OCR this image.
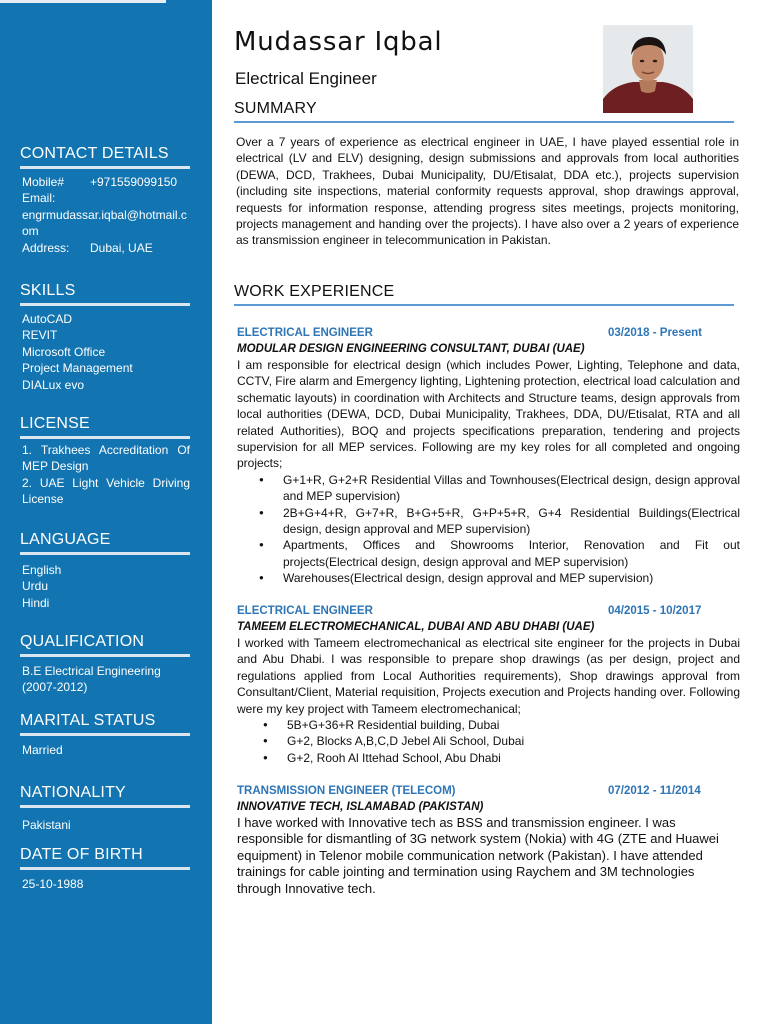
CONTACT DETAILS
Mobile#	+971559099150
Email:
engrmudassar.iqbal@hotmail.com
Address:	Dubai, UAE
SKILLS
AutoCAD
REVIT
Microsoft Office
Project Management
DIALux evo
LICENSE
1. Trakhees Accreditation Of MEP Design
2. UAE Light Vehicle Driving License
LANGUAGE
English
Urdu
Hindi
QUALIFICATION
B.E Electrical Engineering
(2007-2012)
MARITAL STATUS
Married
NATIONALITY
Pakistani
DATE OF BIRTH
25-10-1988
Mudassar Iqbal
Electrical Engineer
SUMMARY

Over a 7 years of experience as electrical engineer in UAE, I have played essential role in electrical (LV and ELV) designing, design submissions and approvals from local authorities (DEWA, DCD, Trakhees, Dubai Municipality, DU/Etisalat, DDA etc.), projects supervision (including site inspections, material conformity requests approval, shop drawings approval, requests for information response, attending progress sites meetings, projects monitoring, projects management and handing over the projects). I have also over a 2 years of experience as transmission engineer in telecommunication in Pakistan.

WORK EXPERIENCE
ELECTRICAL ENGINEER	03/2018 - Present
MODULAR DESIGN ENGINEERING CONSULTANT, DUBAI (UAE)

I am responsible for electrical design (which includes Power, Lighting, Telephone and data, CCTV, Fire alarm and Emergency lighting, Lightening protection, electrical load calculation and schematic layouts) in coordination with Architects and Structure teams, design approvals from local authorities (DEWA, DCD, Dubai Municipality, Trakhees, DDA, DU/Etisalat, RTA and all related Authorities), BOQ and projects specifications preparation, tendering and projects supervision for all MEP services. Following are my key roles for all completed and ongoing projects;

● G+1+R, G+2+R Residential Villas and Townhouses(Electrical design, design approval and MEP supervision)
● 2B+G+4+R, G+7+R, B+G+5+R, G+P+5+R, G+4 Residential Buildings(Electrical design, design approval and MEP supervision)
● Apartments, Offices and Showrooms Interior, Renovation and Fit out projects(Electrical design, design approval and MEP supervision)
● Warehouses(Electrical design, design approval and MEP supervision)
ELECTRICAL ENGINEER	04/2015 - 10/2017
TAMEEM ELECTROMECHANICAL, DUBAI AND ABU DHABI (UAE)

I worked with Tameem electromechanical as electrical site engineer for the projects in Dubai and Abu Dhabi. I was responsible to prepare shop drawings (as per design, project and regulations applied from Local Authorities requirements), Shop drawings approval from Consultant/Client, Material requisition, Projects execution and Projects handing over. Following were my key project with Tameem electromechanical;

● 5B+G+36+R Residential building, Dubai
● G+2, Blocks A,B,C,D Jebel Ali School, Dubai
● G+2, Rooh Al Ittehad School, Abu Dhabi
TRANSMISSION ENGINEER (TELECOM)	07/2012 - 11/2014
INNOVATIVE TECH, ISLAMABAD (PAKISTAN)

I have worked with Innovative tech as BSS and transmission engineer. I was responsible for dismantling of 3G network system (Nokia) with 4G (ZTE and Huawei equipment) in Telenor mobile communication network (Pakistan). I have attended trainings for cable jointing and termination using Raychem and 3M technologies through Innovative tech.
